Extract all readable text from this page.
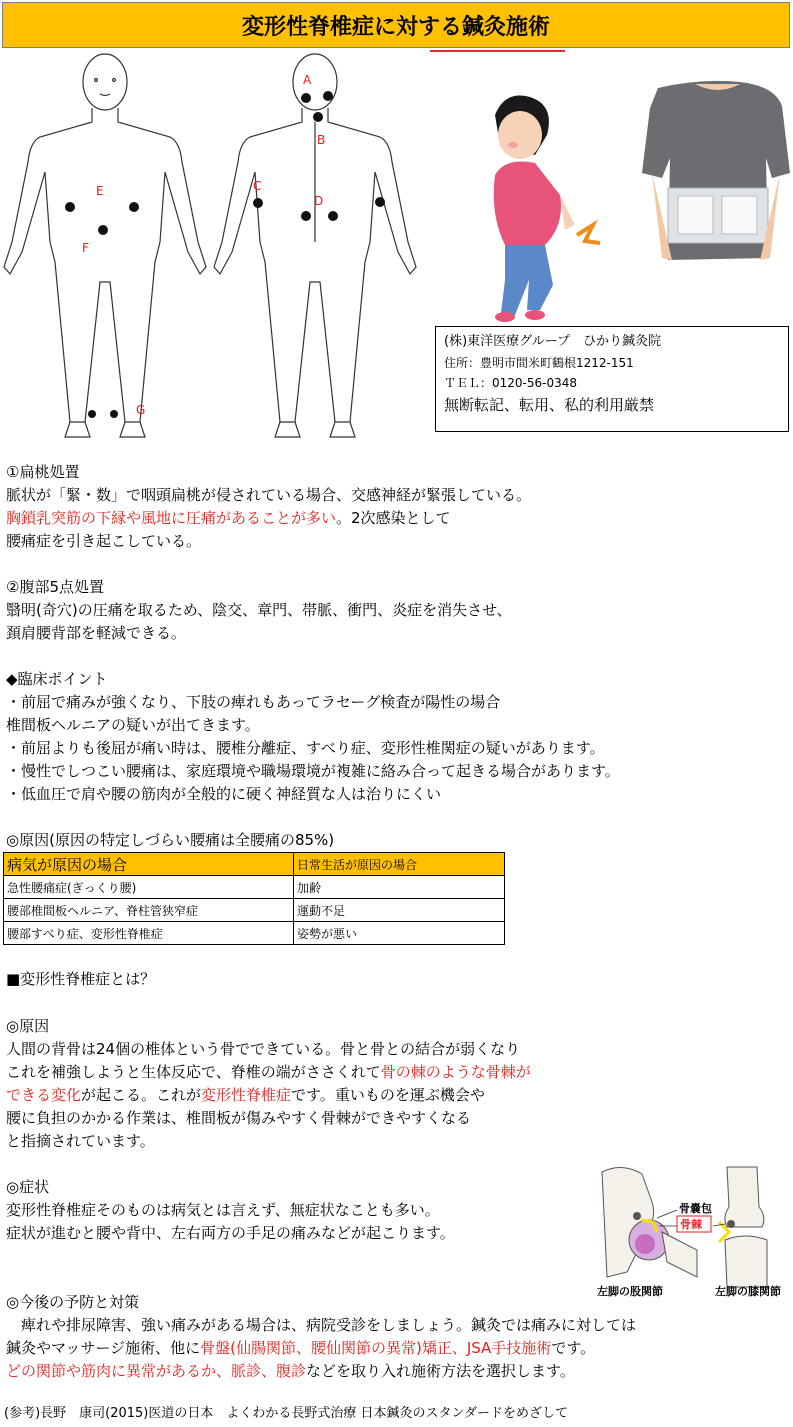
変形性脊椎症に対する鍼灸施術
A
B
C
D
E
F
G
(株)東洋医療グループ　ひかり鍼灸院
住所：豊明市間米町鶴根1212-151
ＴＥＬ：0120-56-0348
無断転記、転用、私的利用厳禁
①扁桃処置
脈状が「緊・数」で咽頭扁桃が侵されている場合、交感神経が緊張している。
胸鎖乳突筋の下縁や風地に圧痛があることが多い。2次感染として
腰痛症を引き起こしている。
②腹部5点処置
翳明(奇穴)の圧痛を取るため、陰交、章門、帯脈、衝門、炎症を消失させ、
頚肩腰背部を軽減できる。
◆臨床ポイント
・前屈で痛みが強くなり、下肢の痺れもあってラセーグ検査が陽性の場合
椎間板ヘルニアの疑いが出てきます。
・前屈よりも後屈が痛い時は、腰椎分離症、すべり症、変形性椎関症の疑いがあります。
・慢性でしつこい腰痛は、家庭環境や職場環境が複雑に絡み合って起きる場合があります。
・低血圧で肩や腰の筋肉が全般的に硬く神経質な人は治りにくい
◎原因(原因の特定しづらい腰痛は全腰痛の85%)
病気が原因の場合	日常生活が原因の場合
急性腰痛症(ぎっくり腰)	加齢
腰部椎間板ヘルニア、脊柱管狭窄症	運動不足
腰部すべり症、変形性脊椎症	姿勢が悪い
■変形性脊椎症とは？
◎原因
人間の背骨は24個の椎体という骨でできている。骨と骨との結合が弱くなり
これを補強しようと生体反応で、脊椎の端がささくれて骨の棘のような骨棘が
できる変化が起こる。これが変形性脊椎症です。重いものを運ぶ機会や
腰に負担のかかる作業は、椎間板が傷みやすく骨棘ができやすくなる
と指摘されています。
◎症状
変形性脊椎症そのものは病気とは言えず、無症状なことも多い。
症状が進むと腰や背中、左右両方の手足の痛みなどが起こります。
骨嚢包
骨棘
左脚の股関節	左脚の膝関節
◎今後の予防と対策
　痺れや排尿障害、強い痛みがある場合は、病院受診をしましょう。鍼灸では痛みに対しては
鍼灸やマッサージ施術、他に骨盤(仙腸関節、腰仙関節の異常)矯正、JSA手技施術です。
どの関節や筋肉に異常があるか、脈診、腹診などを取り入れ施術方法を選択します。
(参考)長野　康司(2015)医道の日本　よくわかる長野式治療 日本鍼灸のスタンダードをめざして
